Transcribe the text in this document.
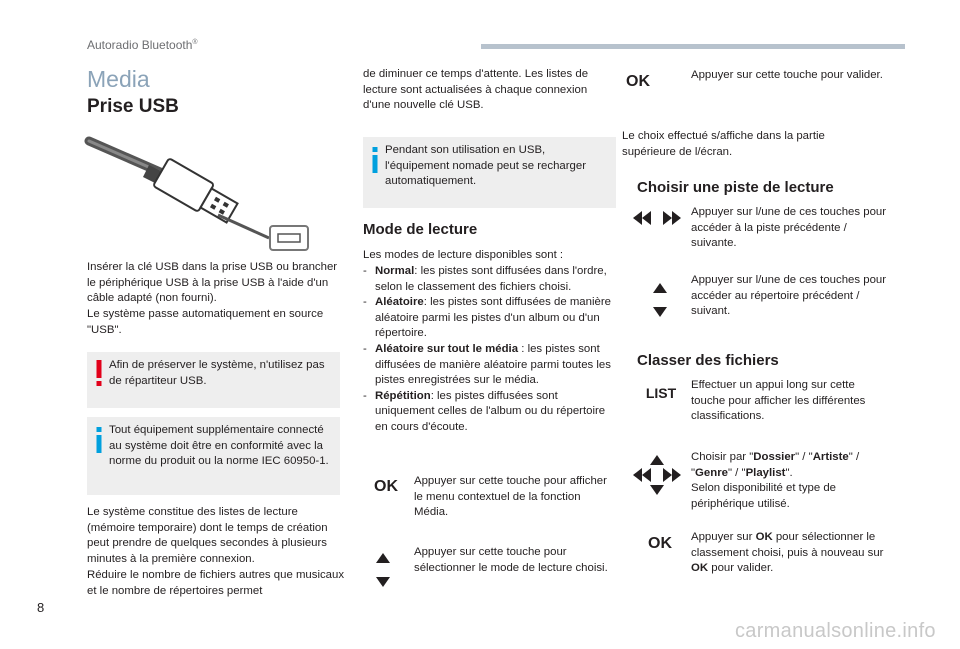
Autoradio Bluetooth®
Media
Prise USB
Insérer la clé USB dans la prise USB ou brancher le périphérique USB à la prise USB à l'aide d'un câble adapté (non fourni).
Le système passe automatiquement en source "USB".
Afin de préserver le système, n'utilisez pas de répartiteur USB.
Tout équipement supplémentaire connecté au système doit être en conformité avec la norme du produit ou la norme IEC 60950-1.
Le système constitue des listes de lecture (mémoire temporaire) dont le temps de création peut prendre de quelques secondes à plusieurs minutes à la première connexion.
Réduire le nombre de fichiers autres que musicaux et le nombre de répertoires permet
de diminuer ce temps d'attente. Les listes de lecture sont actualisées à chaque connexion d'une nouvelle clé USB.
Pendant son utilisation en USB, l'équipement nomade peut se recharger automatiquement.
Mode de lecture
Les modes de lecture disponibles sont :
- Normal: les pistes sont diffusées dans l'ordre, selon le classement des fichiers choisi.
- Aléatoire: les pistes sont diffusées de manière aléatoire parmi les pistes d'un album ou d'un répertoire.
- Aléatoire sur tout le média : les pistes sont diffusées de manière aléatoire parmi toutes les pistes enregistrées sur le média.
- Répétition: les pistes diffusées sont uniquement celles de l'album ou du répertoire en cours d'écoute.
OK	Appuyer sur cette touche pour afficher le menu contextuel de la fonction Média.
Appuyer sur cette touche pour sélectionner le mode de lecture choisi.
OK	Appuyer sur cette touche pour valider.
Le choix effectué s/affiche dans la partie supérieure de l/écran.
Choisir une piste de lecture
Appuyer sur l/une de ces touches pour accéder à la piste précédente / suivante.
Appuyer sur l/une de ces touches pour accéder au répertoire précédent / suivant.
Classer des fichiers
LIST	Effectuer un appui long sur cette touche pour afficher les différentes classifications.
Choisir par "Dossier" / "Artiste" / "Genre" / "Playlist".
Selon disponibilité et type de périphérique utilisé.
OK	Appuyer sur OK pour sélectionner le classement choisi, puis à nouveau sur OK pour valider.
8
carmanualsonline.info
